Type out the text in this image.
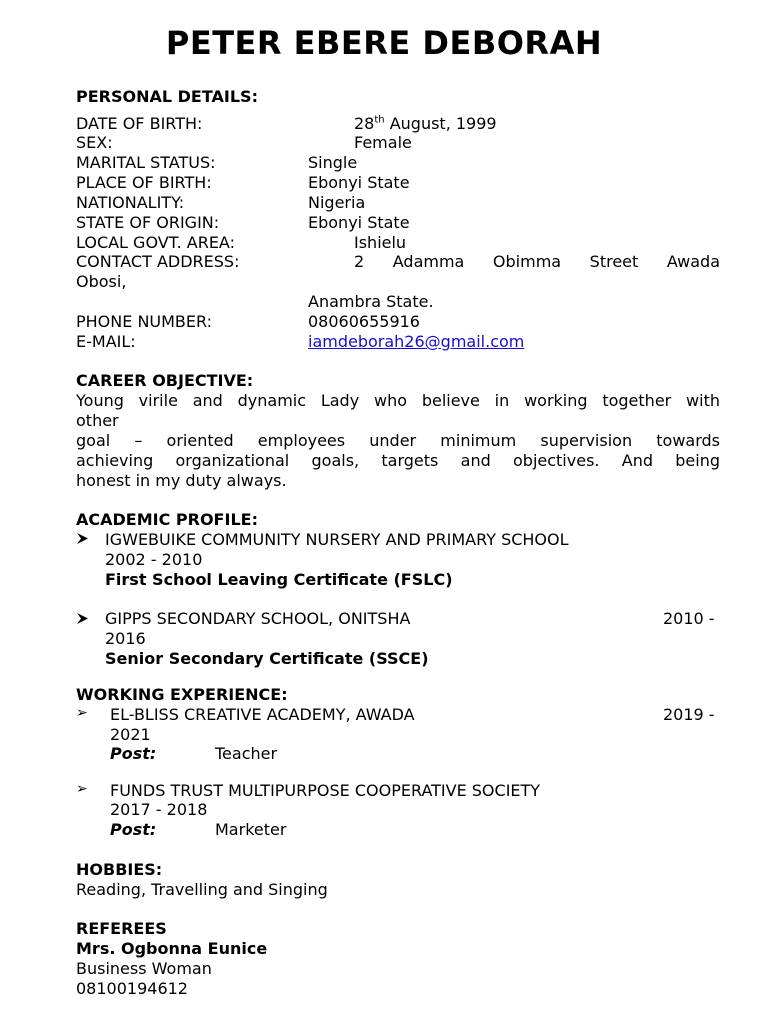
PETER EBERE DEBORAH
PERSONAL DETAILS:
DATE OF BIRTH:	28th August, 1999
SEX:	Female
MARITAL STATUS:	Single
PLACE OF BIRTH:	Ebonyi State
NATIONALITY:	Nigeria
STATE OF ORIGIN:	Ebonyi State
LOCAL GOVT. AREA:	Ishielu
CONTACT ADDRESS:	2 Adamma Obimma Street Awada
Obosi,
Anambra State.
PHONE NUMBER:	08060655916
E-MAIL:	iamdeborah26@gmail.com
CAREER OBJECTIVE:
Young virile and dynamic Lady who believe in working together with
other
goal – oriented employees under minimum supervision towards
achieving organizational goals, targets and objectives. And being
honest in my duty always.
ACADEMIC PROFILE:
IGWEBUIKE COMMUNITY NURSERY AND PRIMARY SCHOOL
2002 - 2010
First School Leaving Certificate (FSLC)
GIPPS SECONDARY SCHOOL, ONITSHA	2010 -
2016
Senior Secondary Certificate (SSCE)
WORKING EXPERIENCE:
➢ EL-BLISS CREATIVE ACADEMY, AWADA	2019 -
2021
Post:	Teacher
➢ FUNDS TRUST MULTIPURPOSE COOPERATIVE SOCIETY
2017 - 2018
Post:	Marketer
HOBBIES:
Reading, Travelling and Singing
REFEREES
Mrs. Ogbonna Eunice
Business Woman
08100194612
